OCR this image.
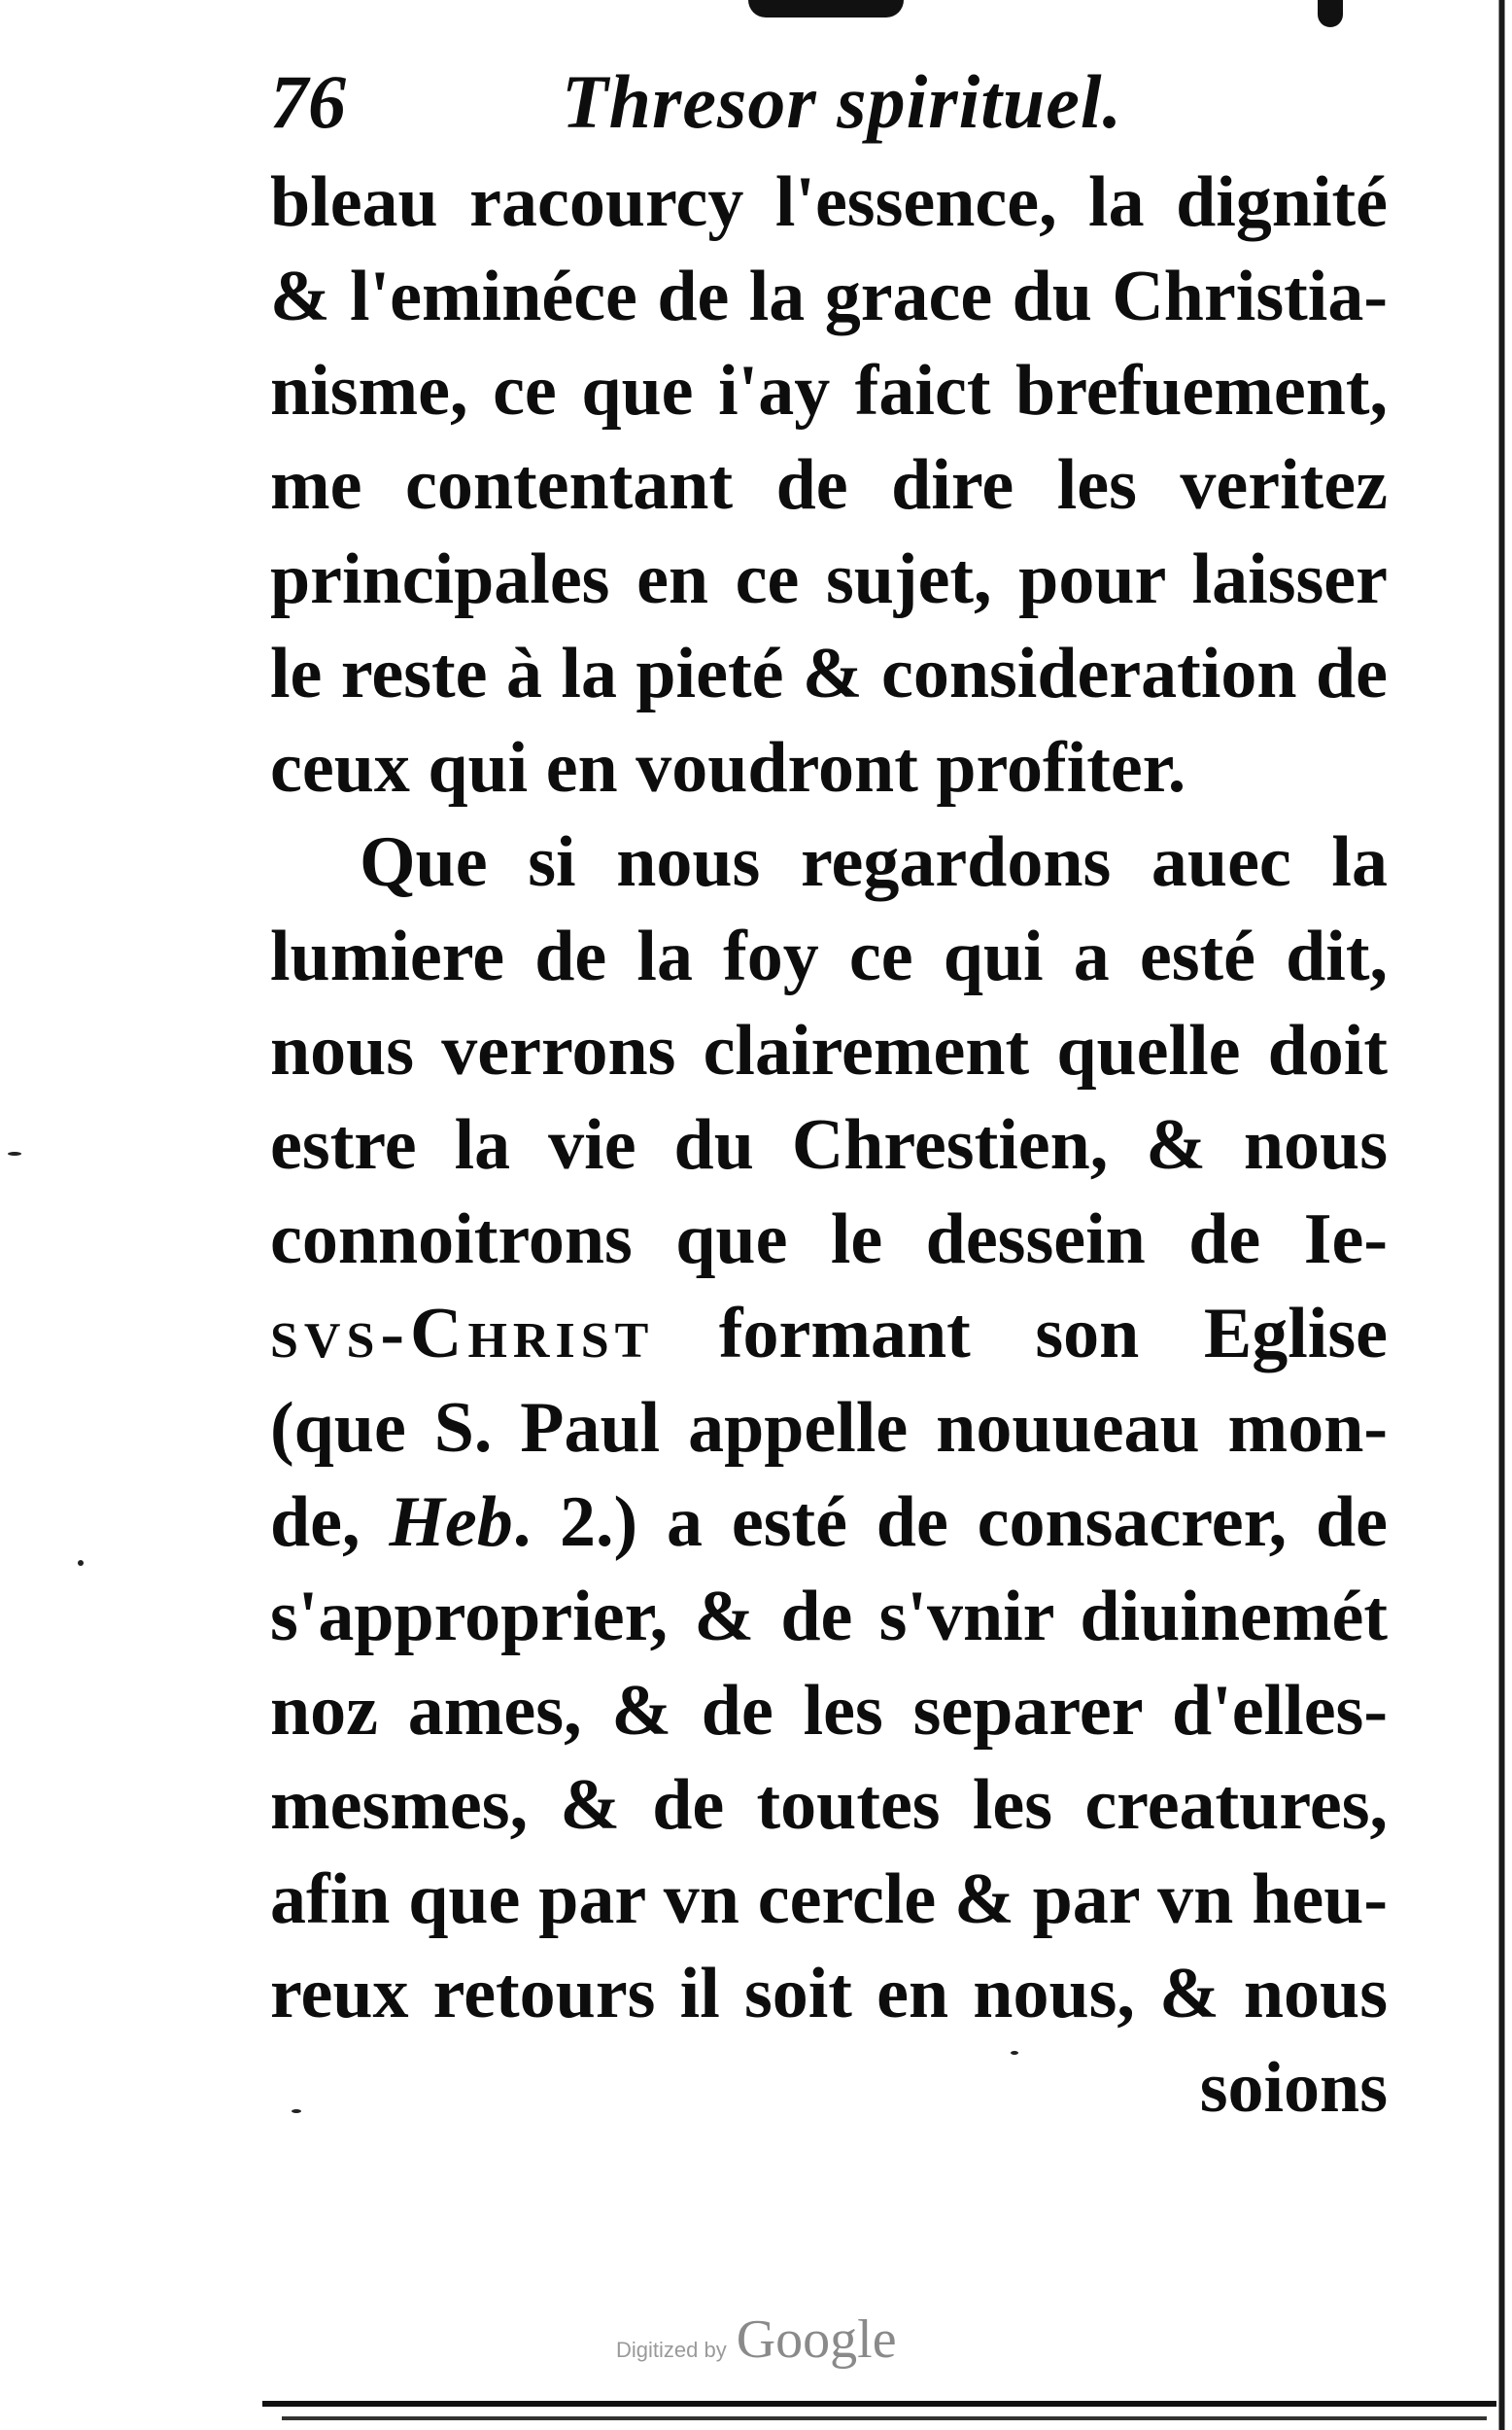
76	Thresor spirituel.
bleau racourcy l'essence, la dignité
& l'eminéce de la grace du Christia-
nisme, ce que i'ay faict brefuement,
me contentant de dire les veritez
principales en ce sujet, pour laisser
le reste à la pieté & consideration de
ceux qui en voudront profiter.
Que si nous regardons auec la
lumiere de la foy ce qui a esté dit,
nous verrons clairement quelle doit
estre la vie du Chrestien, & nous
connoitrons que le dessein de Ie-
svs-Christ formant son Eglise
(que S. Paul appelle nouueau mon-
de, Heb. 2.) a esté de consacrer, de
s'approprier, & de s'vnir diuinemét
noz ames, & de les separer d'elles-
mesmes, & de toutes les creatures,
afin que par vn cercle & par vn heu-
reux retours il soit en nous, & nous
soions
Digitized by Google
